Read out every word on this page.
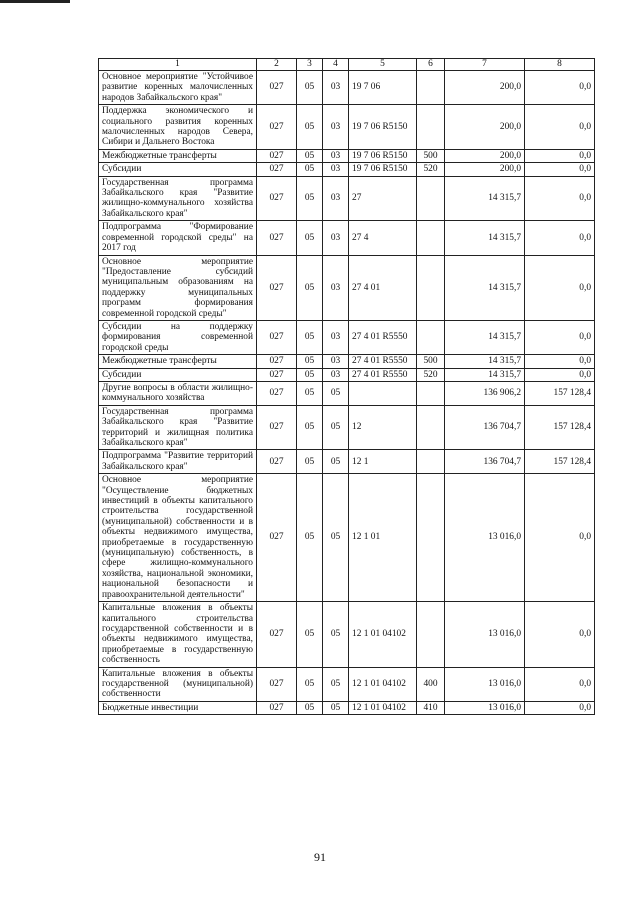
1	2	3	4	5	6	7	8
Основное мероприятие "Устойчивое развитие коренных малочисленных народов Забайкальского края"	027	05	03	19 7 06		200,0	0,0
Поддержка экономического и социального развития коренных малочисленных народов Севера, Сибири и Дальнего Востока	027	05	03	19 7 06 R5150		200,0	0,0
Межбюджетные трансферты	027	05	03	19 7 06 R5150	500	200,0	0,0
Субсидии	027	05	03	19 7 06 R5150	520	200,0	0,0
Государственная программа Забайкальского края "Развитие жилищно-коммунального хозяйства Забайкальского края"	027	05	03	27		14 315,7	0,0
Подпрограмма "Формирование современной городской среды" на 2017 год	027	05	03	27 4		14 315,7	0,0
Основное мероприятие "Предоставление субсидий муниципальным образованиям на поддержку муниципальных программ формирования современной городской среды"	027	05	03	27 4 01		14 315,7	0,0
Субсидии на поддержку формирования современной городской среды	027	05	03	27 4 01 R5550		14 315,7	0,0
Межбюджетные трансферты	027	05	03	27 4 01 R5550	500	14 315,7	0,0
Субсидии	027	05	03	27 4 01 R5550	520	14 315,7	0,0
Другие вопросы в области жилищно-коммунального хозяйства	027	05	05			136 906,2	157 128,4
Государственная программа Забайкальского края "Развитие территорий и жилищная политика Забайкальского края"	027	05	05	12		136 704,7	157 128,4
Подпрограмма "Развитие территорий Забайкальского края"	027	05	05	12 1		136 704,7	157 128,4
Основное мероприятие "Осуществление бюджетных инвестиций в объекты капитального строительства государственной (муниципальной) собственности и в объекты недвижимого имущества, приобретаемые в государственную (муниципальную) собственность, в сфере жилищно-коммунального хозяйства, национальной экономики, национальной безопасности и правоохранительной деятельности"	027	05	05	12 1 01		13 016,0	0,0
Капитальные вложения в объекты капитального строительства государственной собственности и в объекты недвижимого имущества, приобретаемые в государственную собственность	027	05	05	12 1 01 04102		13 016,0	0,0
Капитальные вложения в объекты государственной (муниципальной) собственности	027	05	05	12 1 01 04102	400	13 016,0	0,0
Бюджетные инвестиции	027	05	05	12 1 01 04102	410	13 016,0	0,0
91
